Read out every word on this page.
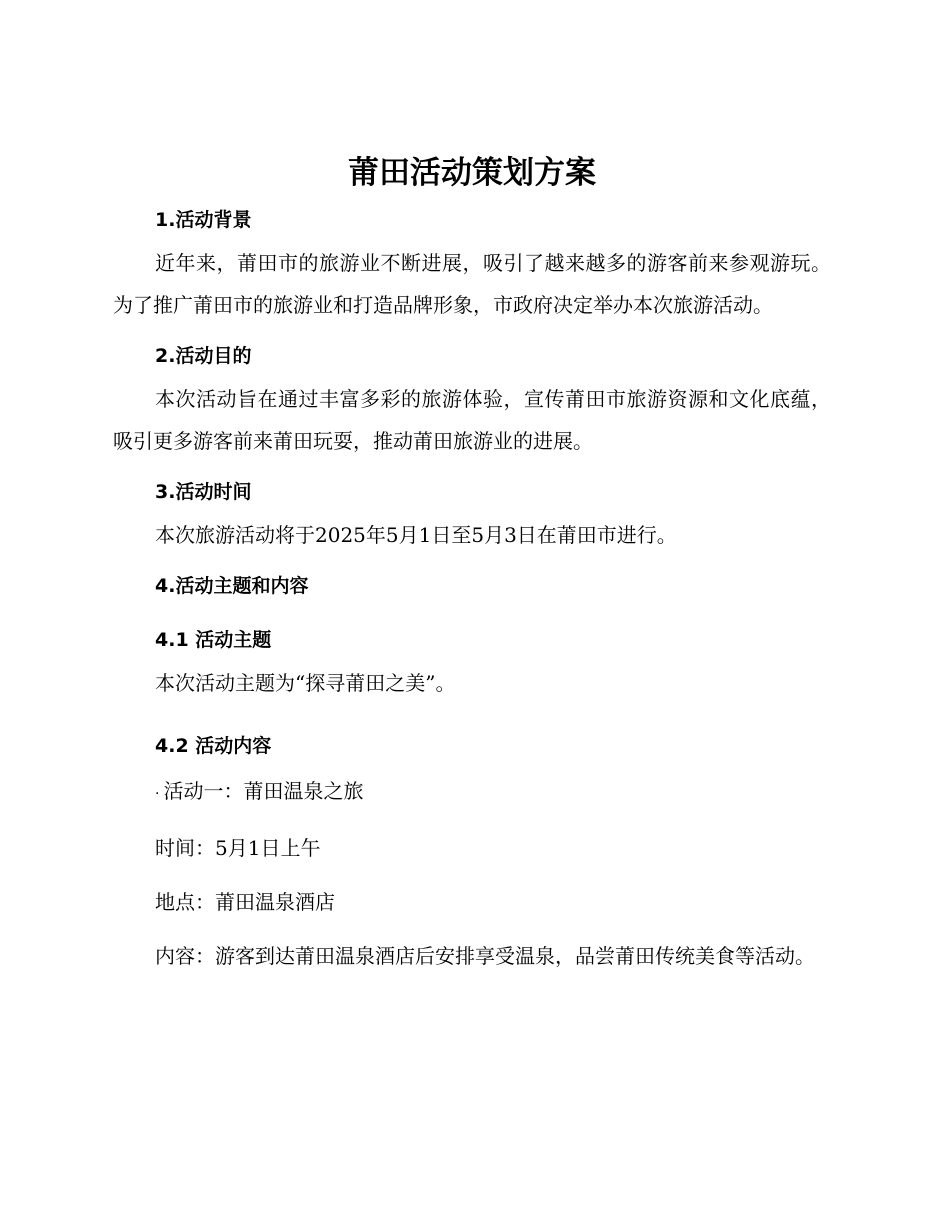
莆田活动策划方案
1.活动背景

近年来，莆田市的旅游业不断进展，吸引了越来越多的游客前来参观游玩。为了推广莆田市的旅游业和打造品牌形象，市政府决定举办本次旅游活动。

2.活动目的

本次活动旨在通过丰富多彩的旅游体验，宣传莆田市旅游资源和文化底蕴，吸引更多游客前来莆田玩耍，推动莆田旅游业的进展。

3.活动时间

本次旅游活动将于2025年5月1日至5月3日在莆田市进行。

4.活动主题和内容
4.1 活动主题

本次活动主题为“探寻莆田之美”。

4.2 活动内容
· 活动一：莆田温泉之旅
时间：5月1日上午
地点：莆田温泉酒店

内容：游客到达莆田温泉酒店后安排享受温泉，品尝莆田传统美食等活动。
